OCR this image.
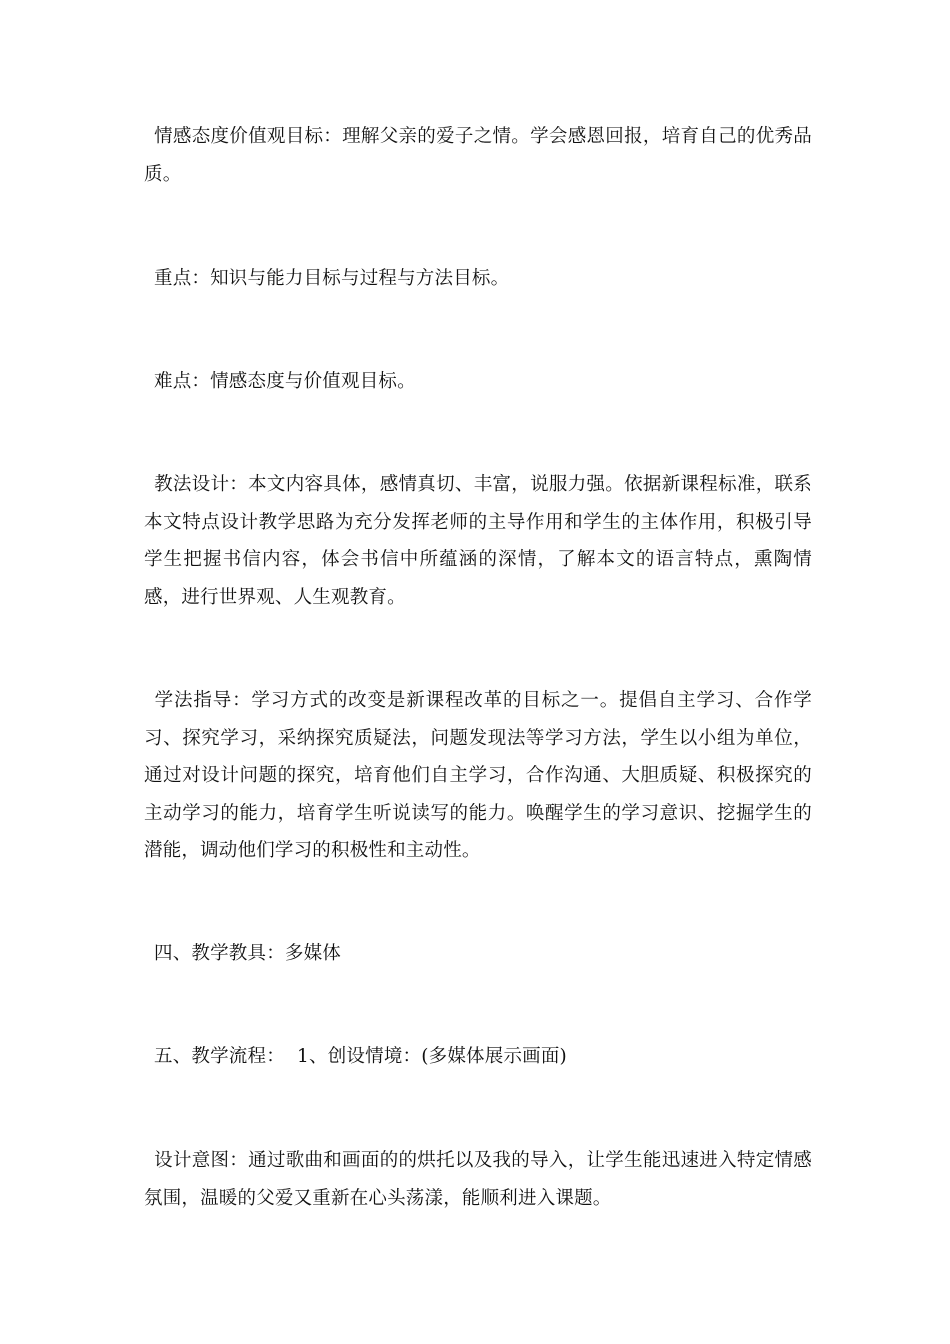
情感态度价值观目标：理解父亲的爱子之情。学会感恩回报，培育自己的优秀品质。

重点：知识与能力目标与过程与方法目标。

难点：情感态度与价值观目标。

教法设计：本文内容具体，感情真切、丰富，说服力强。依据新课程标准，联系本文特点设计教学思路为充分发挥老师的主导作用和学生的主体作用，积极引导学生把握书信内容，体会书信中所蕴涵的深情，了解本文的语言特点，熏陶情感，进行世界观、人生观教育。

学法指导：学习方式的改变是新课程改革的目标之一。提倡自主学习、合作学习、探究学习，采纳探究质疑法，问题发现法等学习方法，学生以小组为单位，通过对设计问题的探究，培育他们自主学习，合作沟通、大胆质疑、积极探究的主动学习的能力，培育学生听说读写的能力。唤醒学生的学习意识、挖掘学生的潜能，调动他们学习的积极性和主动性。

四、教学教具：多媒体

五、教学流程：  1、创设情境：(多媒体展示画面)

设计意图：通过歌曲和画面的的烘托以及我的导入，让学生能迅速进入特定情感氛围，温暖的父爱又重新在心头荡漾，能顺利进入课题。
